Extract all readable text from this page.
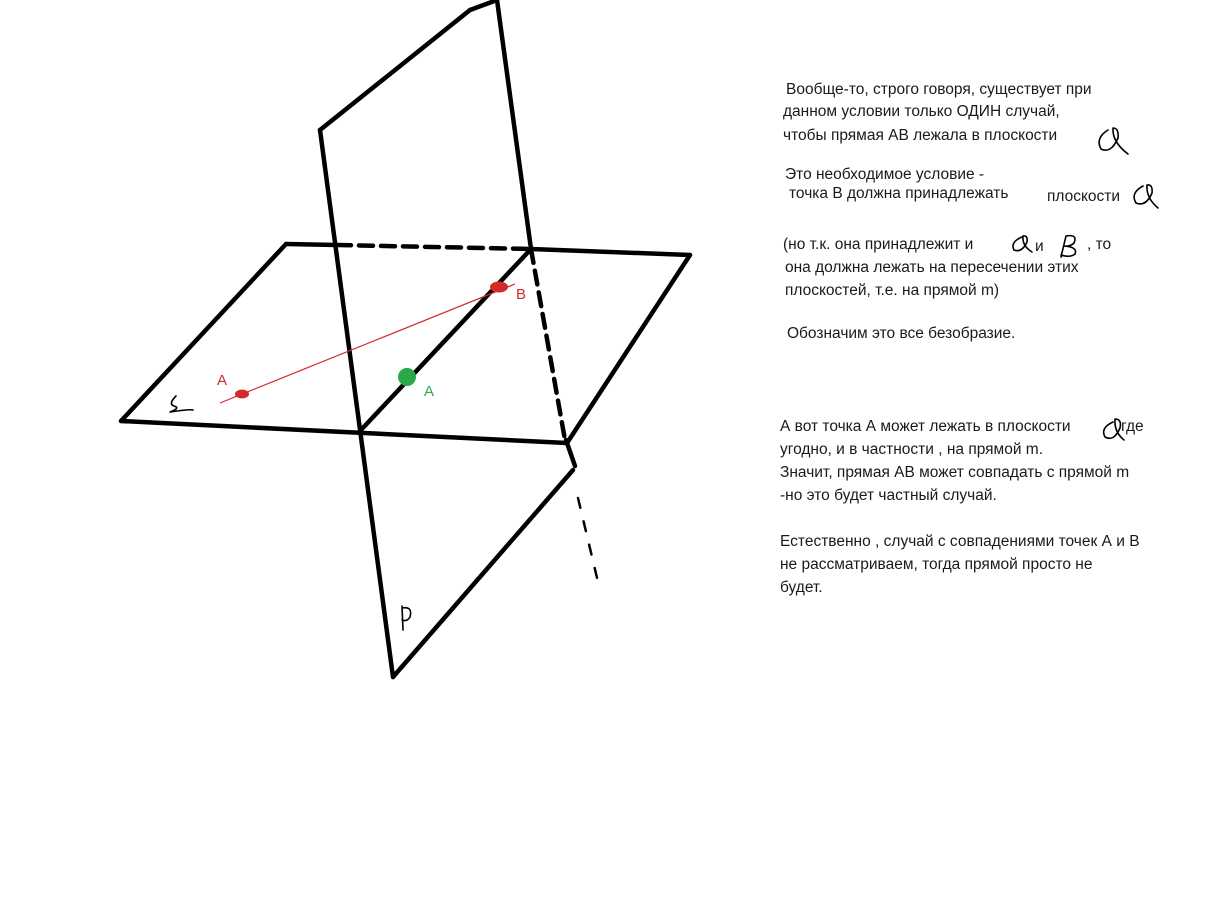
A
B
A
Вообще-то, строго говоря, существует при
данном условии только ОДИН случай,
чтобы прямая АВ лежала в плоскости
Это необходимое условие -
точка В должна принадлежать плоскости
(но т.к. она принадлежит и	и	, то
она должна лежать на пересечении этих
плоскостей, т.е. на прямой m)
Обозначим это все безобразие.
А вот точка А может лежать в плоскости	где
угодно, и в частности , на прямой m.
Значит, прямая АВ может совпадать с прямой m
-но это будет частный случай.
Естественно , случай с совпадениями точек А и В
не рассматриваем, тогда прямой просто не
будет.
